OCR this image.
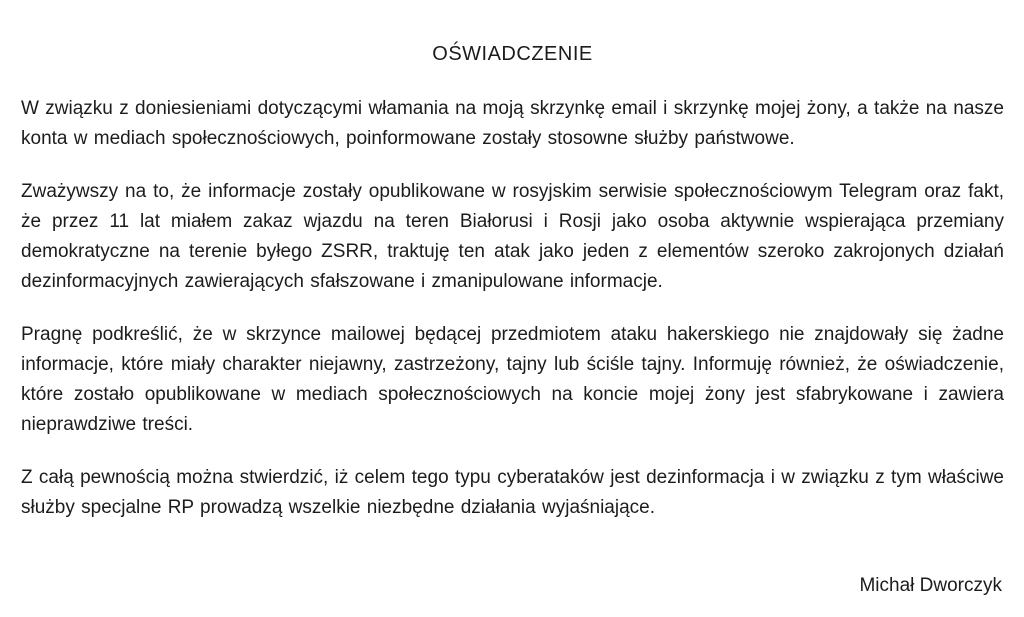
OŚWIADCZENIE

W związku z doniesieniami dotyczącymi włamania na moją skrzynkę email i skrzynkę mojej żony, a także na nasze konta w mediach społecznościowych, poinformowane zostały stosowne służby państwowe.

Zważywszy na to, że informacje zostały opublikowane w rosyjskim serwisie społecznościowym Telegram oraz fakt, że przez 11 lat miałem zakaz wjazdu na teren Białorusi i Rosji jako osoba aktywnie wspierająca przemiany demokratyczne na terenie byłego ZSRR, traktuję ten atak jako jeden z elementów szeroko zakrojonych działań dezinformacyjnych zawierających sfałszowane i zmanipulowane informacje.

Pragnę podkreślić, że w skrzynce mailowej będącej przedmiotem ataku hakerskiego nie znajdowały się żadne informacje, które miały charakter niejawny, zastrzeżony, tajny lub ściśle tajny. Informuję również, że oświadczenie, które zostało opublikowane w mediach społecznościowych na koncie mojej żony jest sfabrykowane i zawiera nieprawdziwe treści.

Z całą pewnością można stwierdzić, iż celem tego typu cyberataków jest dezinformacja i w związku z tym właściwe służby specjalne RP prowadzą wszelkie niezbędne działania wyjaśniające.

Michał Dworczyk
